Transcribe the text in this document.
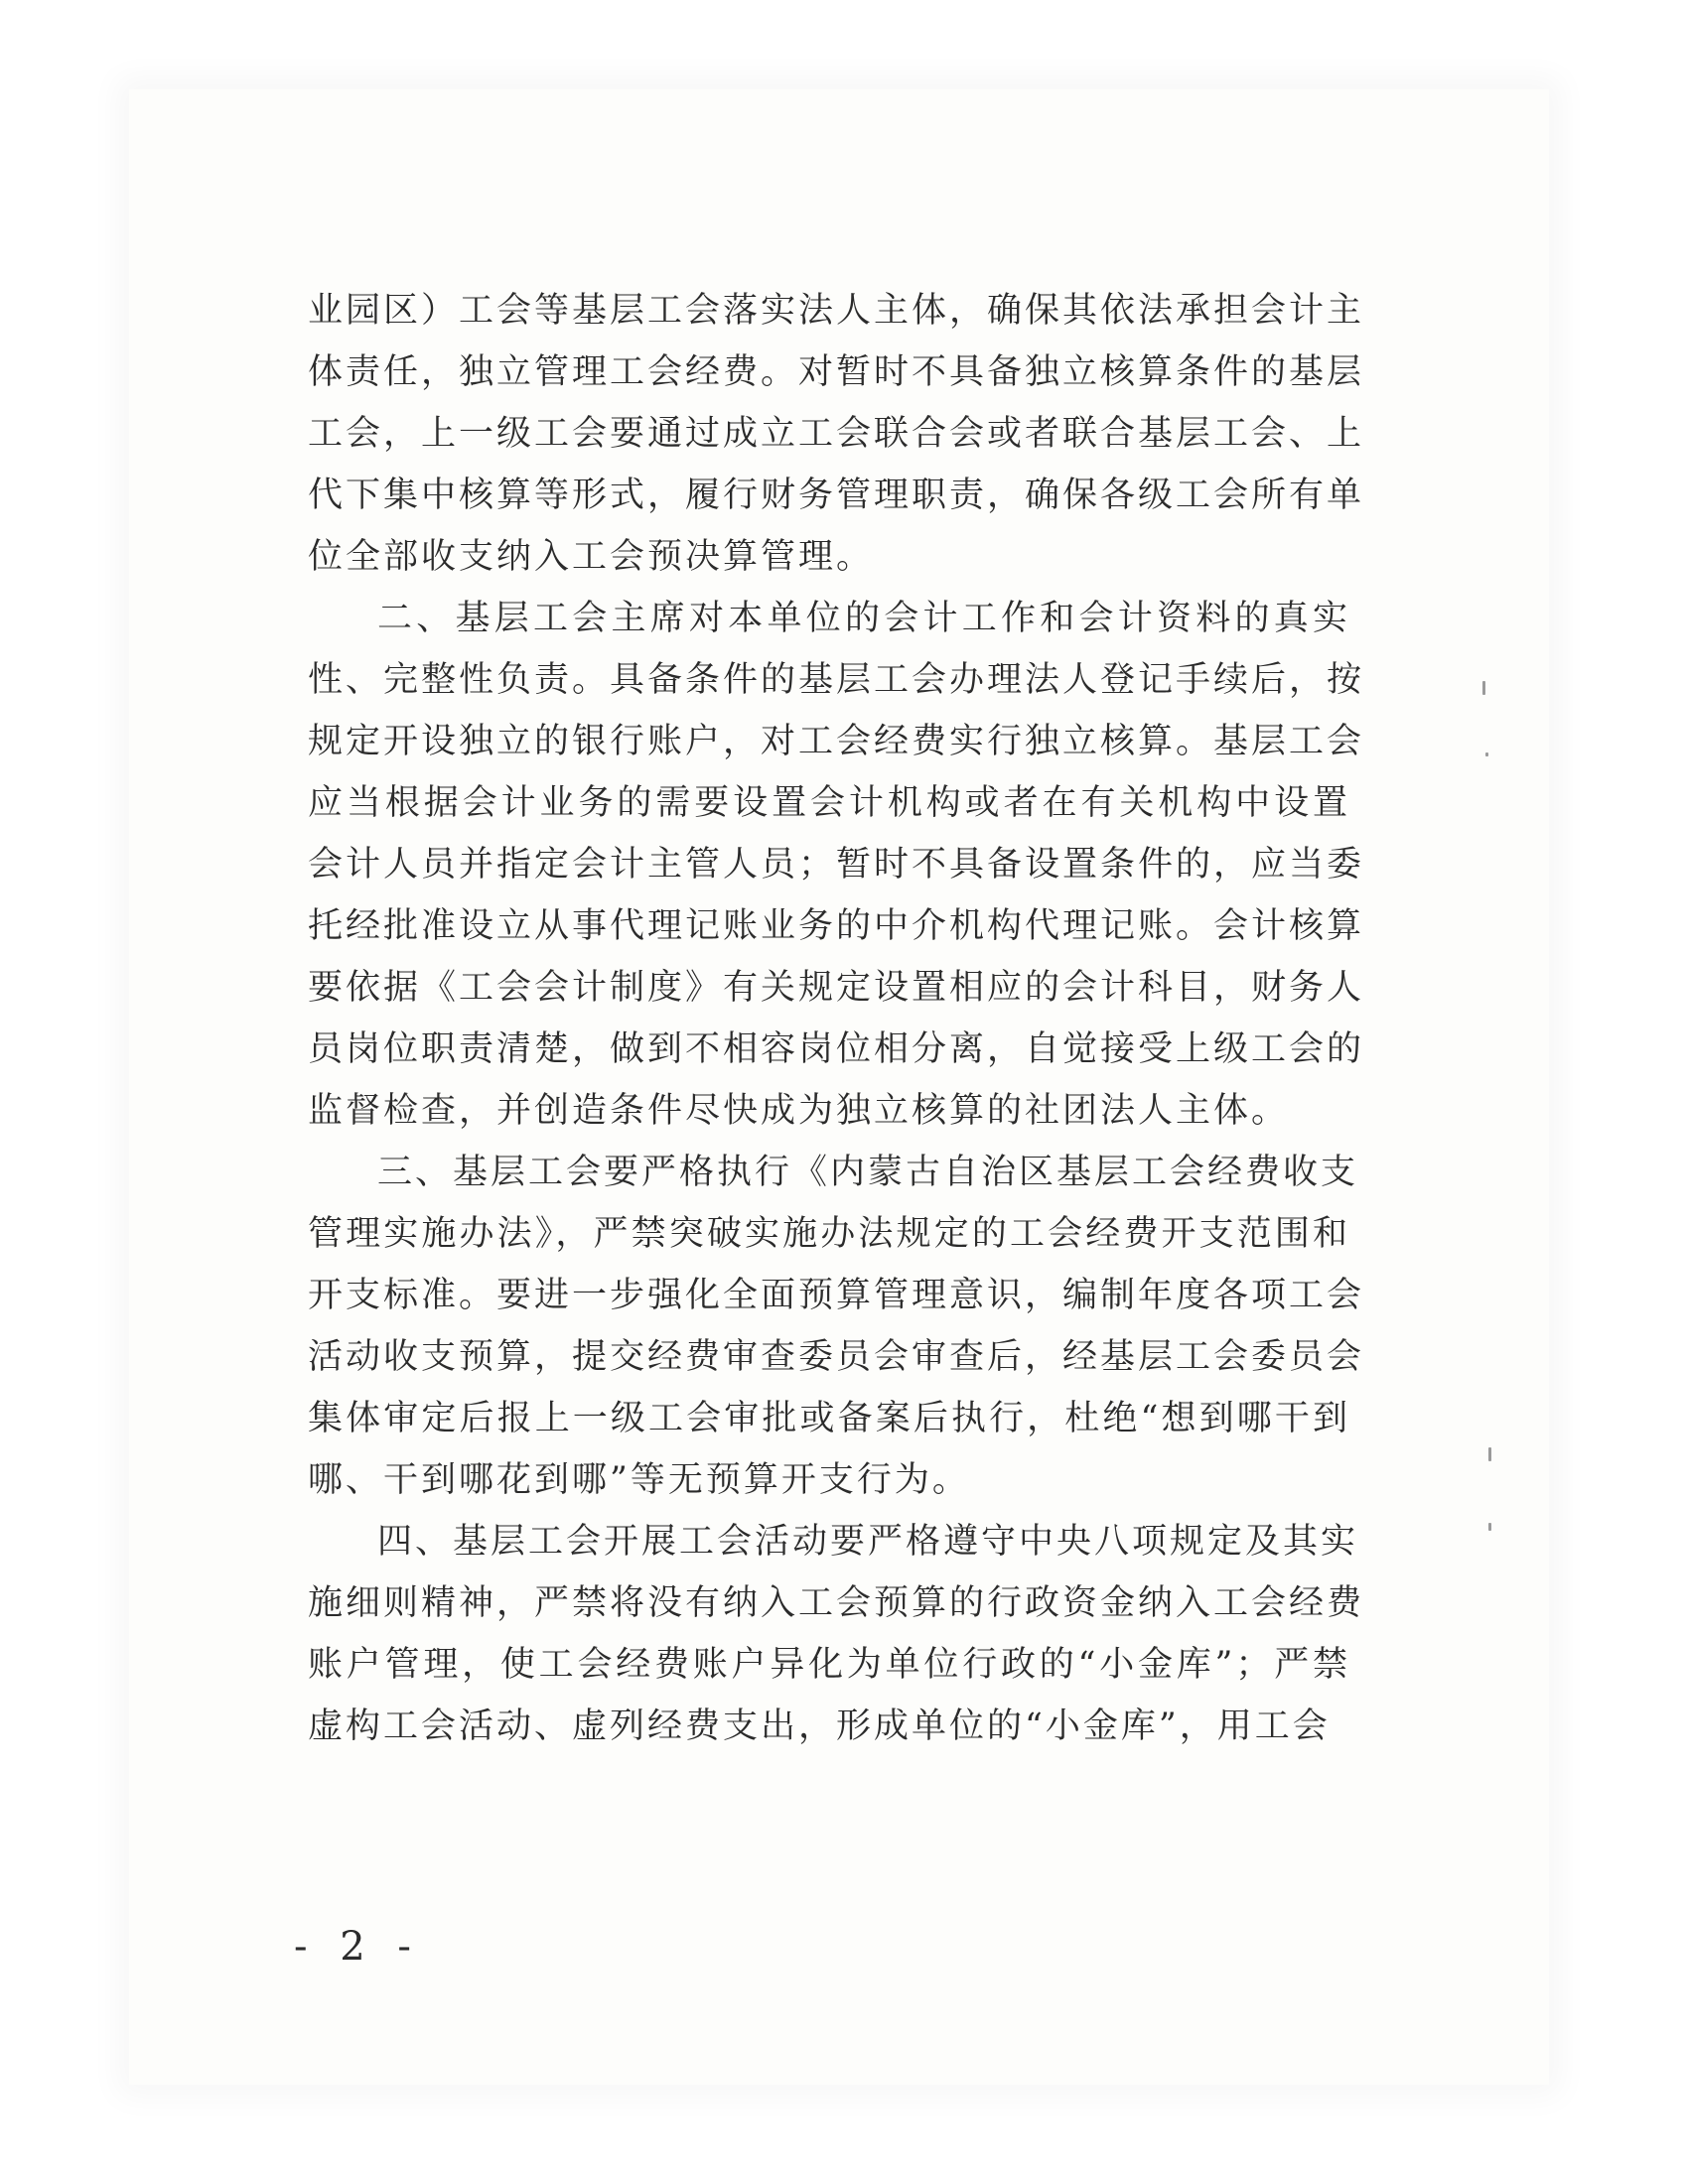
业园区）工会等基层工会落实法人主体，确保其依法承担会计主
体责任，独立管理工会经费。对暂时不具备独立核算条件的基层
工会，上一级工会要通过成立工会联合会或者联合基层工会、上
代下集中核算等形式，履行财务管理职责，确保各级工会所有单
位全部收支纳入工会预决算管理。
二、基层工会主席对本单位的会计工作和会计资料的真实
性、完整性负责。具备条件的基层工会办理法人登记手续后，按
规定开设独立的银行账户，对工会经费实行独立核算。基层工会
应当根据会计业务的需要设置会计机构或者在有关机构中设置
会计人员并指定会计主管人员；暂时不具备设置条件的，应当委
托经批准设立从事代理记账业务的中介机构代理记账。会计核算
要依据《工会会计制度》有关规定设置相应的会计科目，财务人
员岗位职责清楚，做到不相容岗位相分离，自觉接受上级工会的
监督检查，并创造条件尽快成为独立核算的社团法人主体。
三、基层工会要严格执行《内蒙古自治区基层工会经费收支
管理实施办法》，严禁突破实施办法规定的工会经费开支范围和
开支标准。要进一步强化全面预算管理意识，编制年度各项工会
活动收支预算，提交经费审查委员会审查后，经基层工会委员会
集体审定后报上一级工会审批或备案后执行，杜绝“想到哪干到
哪、干到哪花到哪”等无预算开支行为。
四、基层工会开展工会活动要严格遵守中央八项规定及其实
施细则精神，严禁将没有纳入工会预算的行政资金纳入工会经费
账户管理，使工会经费账户异化为单位行政的“小金库”；严禁
虚构工会活动、虚列经费支出，形成单位的“小金库”，用工会
- 2 -
